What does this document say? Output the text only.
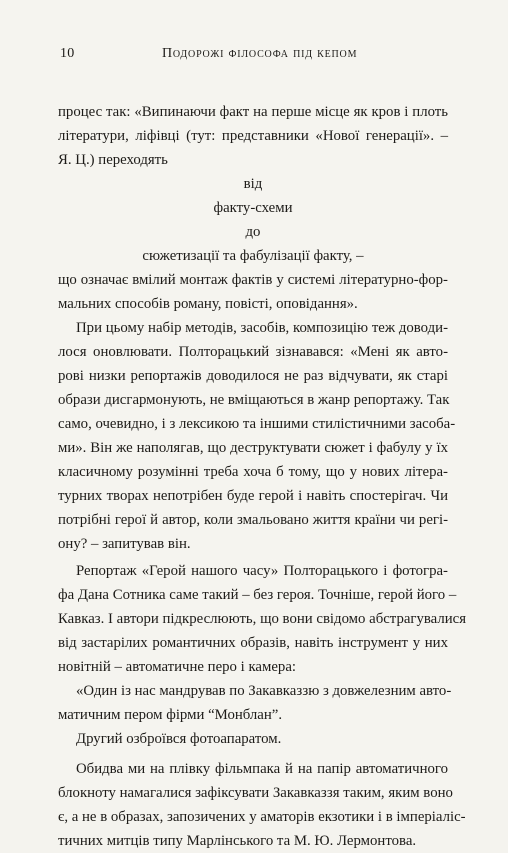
10	Подорожі філософа під кепом
процес так: «Випинаючи факт на перше місце як кров і плоть
літератури, ліфівці (тут: представники «Нової генерації». –
Я. Ц.) переходять
від
факту-схеми
до
сюжетизації та фабулізації факту, –
що означає вмілий монтаж фактів у системі літературно-фор-
мальних способів роману, повісті, оповідання».
При цьому набір методів, засобів, композицію теж доводи-
лося оновлювати. Полторацький зізнавався: «Мені як авто-
рові низки репортажів доводилося не раз відчувати, як старі
образи дисгармонують, не вміщаються в жанр репортажу. Так
само, очевидно, і з лексикою та іншими стилістичними засоба-
ми». Він же наполягав, що деструктувати сюжет і фабулу у їх
класичному розумінні треба хоча б тому, що у нових літера-
турних творах непотрібен буде герой і навіть спостерігач. Чи
потрібні герої й автор, коли змальовано життя країни чи регі-
ону? – запитував він.
Репортаж «Герой нашого часу» Полторацького і фотогра-
фа Дана Сотника саме такий – без героя. Точніше, герой його –
Кавказ. І автори підкреслюють, що вони свідомо абстрагувалися
від застарілих романтичних образів, навіть інструмент у них
новітній – автоматичне перо і камера:
«Один із нас мандрував по Закавказзю з довжелезним авто-
матичним пером фірми “Монблан”.
Другий озброївся фотоапаратом.
Обидва ми на плівку фільмпака й на папір автоматичного
блокноту намагалися зафіксувати Закавказзя таким, яким воно
є, а не в образах, запозичених у аматорів екзотики і в імперіаліс-
тичних митців типу Марлінського та М. Ю. Лермонтова.
